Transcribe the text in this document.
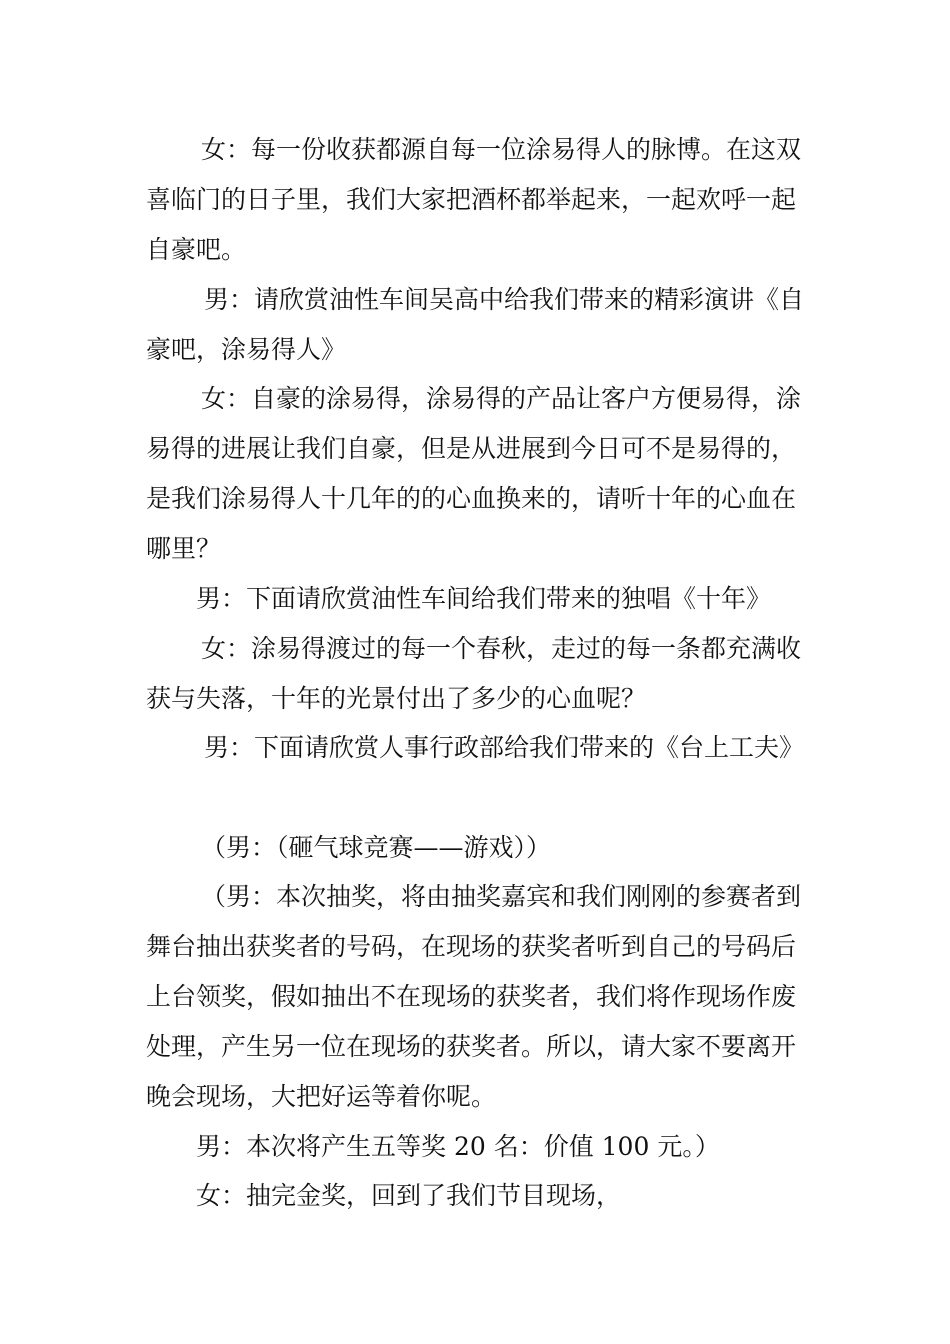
女：每一份收获都源自每一位涂易得人的脉博。在这双喜临门的日子里，我们大家把酒杯都举起来，一起欢呼一起自豪吧。

男：请欣赏油性车间吴高中给我们带来的精彩演讲《自豪吧，涂易得人》

女：自豪的涂易得，涂易得的产品让客户方便易得，涂易得的进展让我们自豪，但是从进展到今日可不是易得的，是我们涂易得人十几年的的心血换来的，请听十年的心血在哪里？

男：下面请欣赏油性车间给我们带来的独唱《十年》

女：涂易得渡过的每一个春秋，走过的每一条都充满收获与失落，十年的光景付出了多少的心血呢？

男：下面请欣赏人事行政部给我们带来的《台上工夫》

（男：（砸气球竞赛——游戏））

（男：本次抽奖，将由抽奖嘉宾和我们刚刚的参赛者到舞台抽出获奖者的号码，在现场的获奖者听到自己的号码后上台领奖，假如抽出不在现场的获奖者，我们将作现场作废处理，产生另一位在现场的获奖者。所以，请大家不要离开晚会现场，大把好运等着你呢。

男：本次将产生五等奖 20 名：价值 100 元。）

女：抽完金奖，回到了我们节目现场，
